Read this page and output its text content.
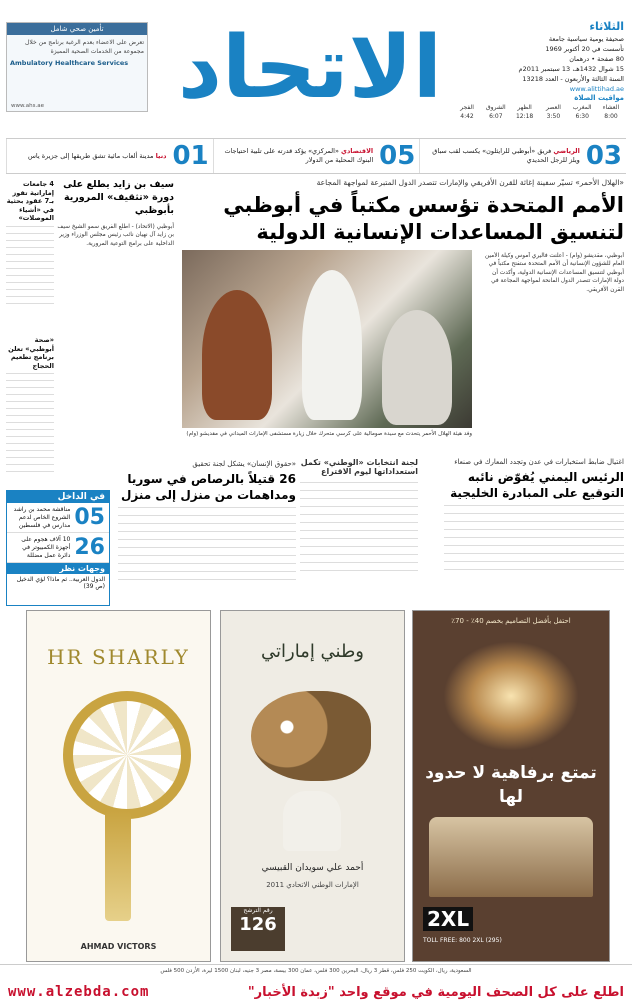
تأمين صحي شامل
تعرض على الاعضاء بعدم الرغبة برنامج من خلال مجموعة من الخدمات الصحية المميزة
Ambulatory Healthcare Services
www.ahs.ae الاتحاد	الثلاثاء
صحيفة يومية سياسية جامعة
تأسست في 20 أكتوبر 1969
80 صفحة • درهمان
15 شوال 1432هـ، 13 سبتمبر 2011م
السنة الثالثة والأربعون - العدد 13218
www.alittihad.ae
مواقيت الصلاة
الفجر	الشروق	الظهر	العصر	المغرب	العشاء
4:42	6:07	12:18	3:50	6:30	8:00
03
الرياضي فريق «أبوظبي للرايثلون» يكسب لقب سباق ويلز للرجل الحديدي
05
الاقتصادي «المركزي» يؤكد قدرته على تلبية احتياجات البنوك المحلية من الدولار
01
دنيا مدينة ألعاب مائية تشق طريقها إلى جزيرة ياس
«الهلال الأحمر» تسيّر سفينة إغاثة للقرن الأفريقي والإمارات تتصدر الدول المتبرعة لمواجهة المجاعة
الأمم المتحدة تؤسس مكتباً في أبوظبي لتنسيق المساعدات الإنسانية الدولية
وفد هيئة الهلال الأحمر يتحدث مع سيدة صومالية على كرسي متحرك خلال زيارة مستشفى الإمارات الميداني في مقديشو (وام)
أبوظبي، مقديشو (وام) - أعلنت فاليري آموس وكيلة الأمين العام للشؤون الإنسانية أن الأمم المتحدة ستفتح مكتباً في أبوظبي لتنسيق المساعدات الإنسانية الدولية، وأكدت أن دولة الإمارات تتصدر الدول المانحة لمواجهة المجاعة في القرن الأفريقي.
سيف بن زايد يطلع على دورة «تثقيف» المرورية بأبوظبي
أبوظبي (الاتحاد) - اطلع الفريق سمو الشيخ سيف بن زايد آل نهيان نائب رئيس مجلس الوزراء وزير الداخلية على برامج التوعية المرورية.
اغتيال ضابط استخبارات في عدن وتجدد المعارك في صنعاء
الرئيس اليمني يُفوّض نائبه التوقيع على المبادرة الخليجية
لجنة انتخابات «الوطني» تكمل استعداداتها ليوم الاقتراع
«حقوق الإنسان» يشكل لجنة تحقيق
26 قتيلاً بالرصاص في سوريا ومداهمات من منزل إلى منزل
4 جامعات إماراتية تفوز بـ7 عقود بحثية في «أشياء الموصلات»
«صحة أبوظبي» تعلن برنامج تطعيم الحجاج
في الداخل
05
مناقشة محمد بن راشد الشروع الخاص لدعم مدارس في فلسطين
26
10 آلاف هجوم على أجهزة الكمبيوتر في دائرة عمل مضللة
وجهات نظر
الدول العربية.. ثم ماذا؟ لؤي الدخيل (ص 39)
HR SHARLY
AHMAD VICTORS
وطني إماراتي
أحمد علي سويدان القبيسي
الإمارات الوطني الاتحادي 2011
رقم الترشح
126
احتفل بأفضل التصاميم بخصم 40٪ - 70٪
تمتع برفاهية لا حدود لها
2XL
TOLL FREE: 800 2XL (295)
السعودية، ريال، الكويت 250 فلس، قطر 3 ريال، البحرين 300 فلس، عمان 300 بيسة، مصر 3 جنيه، لبنان 1500 ليرة، الأردن 500 فلس
اطلع على كل الصحف اليومية في موقع واحد "زبدة الأخبار"
www.alzebda.com
